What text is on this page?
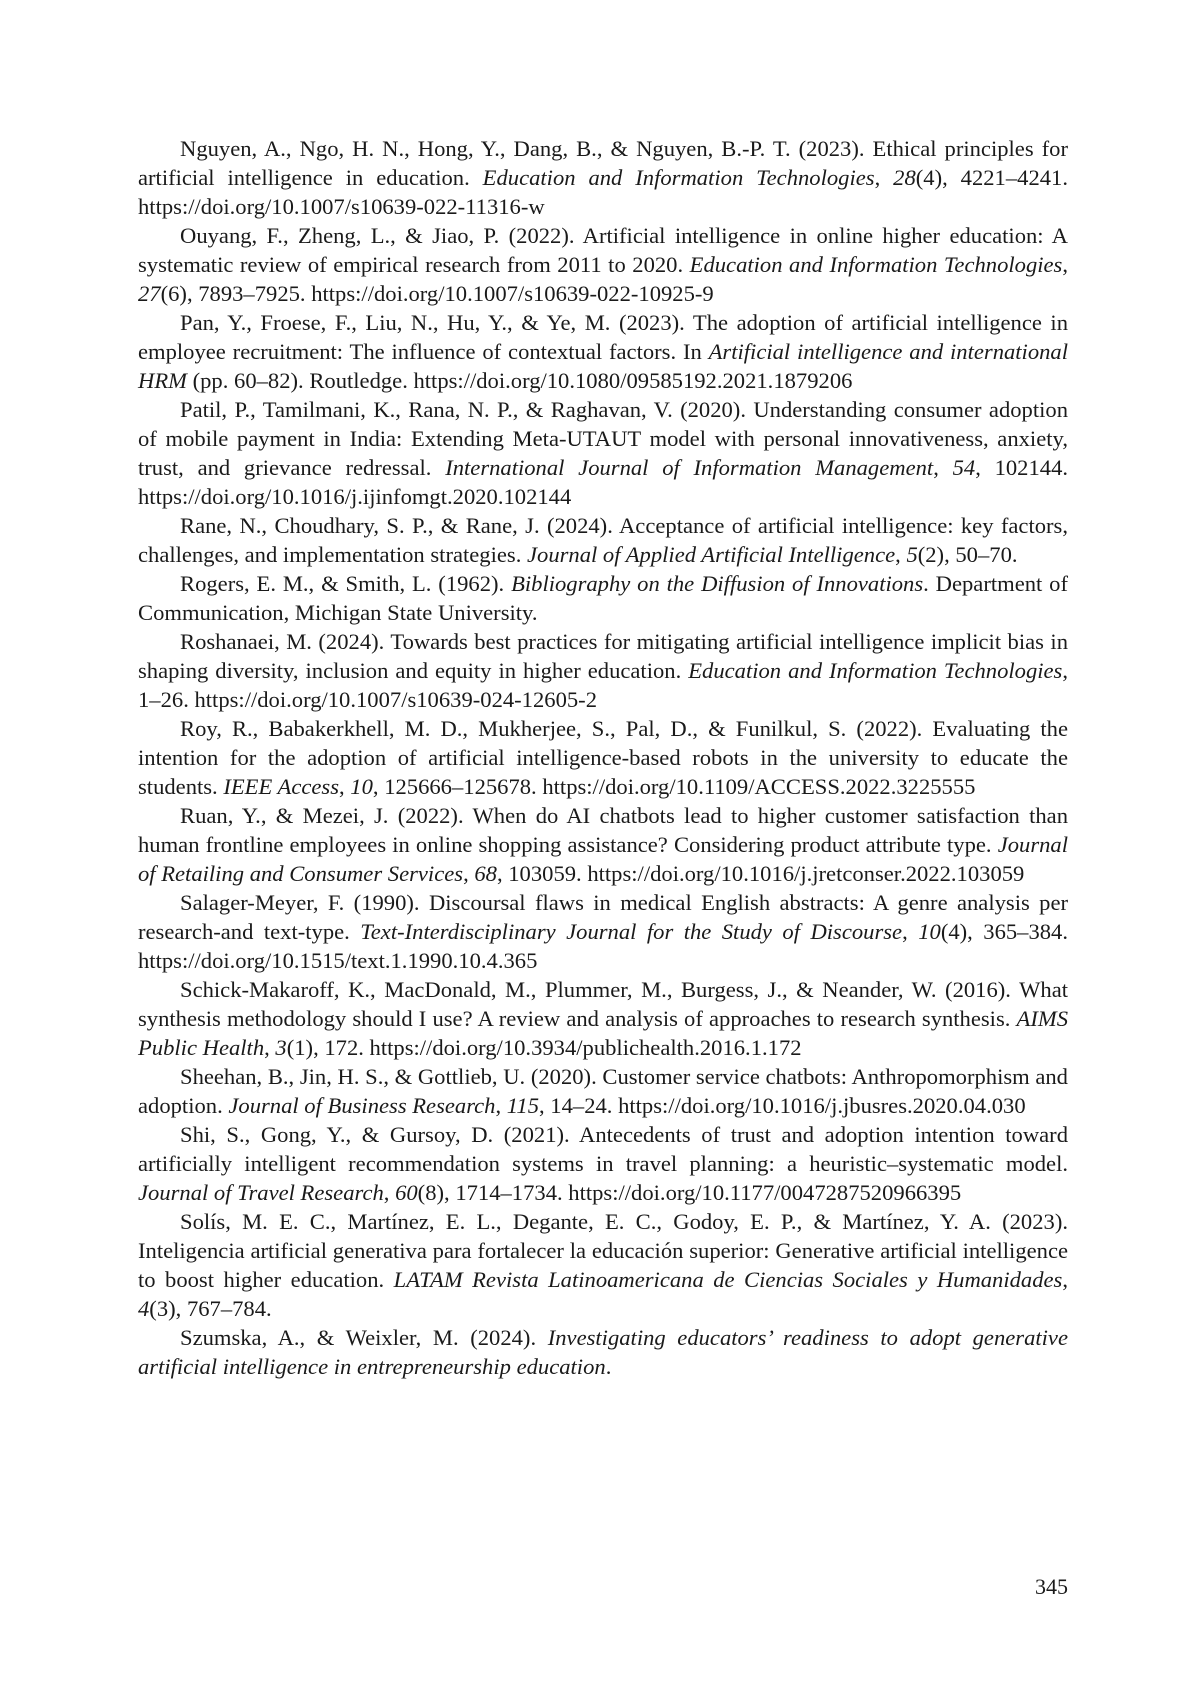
Nguyen, A., Ngo, H. N., Hong, Y., Dang, B., & Nguyen, B.-P. T. (2023). Ethical principles for artificial intelligence in education. Education and Information Technologies, 28(4), 4221–4241. https://doi.org/10.1007/s10639-022-11316-w

Ouyang, F., Zheng, L., & Jiao, P. (2022). Artificial intelligence in online higher education: A systematic review of empirical research from 2011 to 2020. Education and Information Technologies, 27(6), 7893–7925. https://doi.org/10.1007/s10639-022-10925-9

Pan, Y., Froese, F., Liu, N., Hu, Y., & Ye, M. (2023). The adoption of artificial intelligence in employee recruitment: The influence of contextual factors. In Artificial intelligence and international HRM (pp. 60–82). Routledge. https://doi.org/10.1080/09585192.2021.1879206

Patil, P., Tamilmani, K., Rana, N. P., & Raghavan, V. (2020). Understanding consumer adoption of mobile payment in India: Extending Meta-UTAUT model with personal innovativeness, anxiety, trust, and grievance redressal. International Journal of Information Management, 54, 102144. https://doi.org/10.1016/j.ijinfomgt.2020.102144

Rane, N., Choudhary, S. P., & Rane, J. (2024). Acceptance of artificial intelligence: key factors, challenges, and implementation strategies. Journal of Applied Artificial Intelligence, 5(2), 50–70.

Rogers, E. M., & Smith, L. (1962). Bibliography on the Diffusion of Innovations. Department of Communication, Michigan State University.

Roshanaei, M. (2024). Towards best practices for mitigating artificial intelligence implicit bias in shaping diversity, inclusion and equity in higher education. Education and Information Technologies, 1–26. https://doi.org/10.1007/s10639-024-12605-2

Roy, R., Babakerkhell, M. D., Mukherjee, S., Pal, D., & Funilkul, S. (2022). Evaluating the intention for the adoption of artificial intelligence-based robots in the university to educate the students. IEEE Access, 10, 125666–125678. https://doi.org/10.1109/ACCESS.2022.3225555

Ruan, Y., & Mezei, J. (2022). When do AI chatbots lead to higher customer satisfaction than human frontline employees in online shopping assistance? Considering product attribute type. Journal of Retailing and Consumer Services, 68, 103059. https://doi.org/10.1016/j.jretconser.2022.103059

Salager-Meyer, F. (1990). Discoursal flaws in medical English abstracts: A genre analysis per research-and text-type. Text-Interdisciplinary Journal for the Study of Discourse, 10(4), 365–384. https://doi.org/10.1515/text.1.1990.10.4.365

Schick-Makaroff, K., MacDonald, M., Plummer, M., Burgess, J., & Neander, W. (2016). What synthesis methodology should I use? A review and analysis of approaches to research synthesis. AIMS Public Health, 3(1), 172. https://doi.org/10.3934/publichealth.2016.1.172

Sheehan, B., Jin, H. S., & Gottlieb, U. (2020). Customer service chatbots: Anthropomorphism and adoption. Journal of Business Research, 115, 14–24. https://doi.org/10.1016/j.jbusres.2020.04.030

Shi, S., Gong, Y., & Gursoy, D. (2021). Antecedents of trust and adoption intention toward artificially intelligent recommendation systems in travel planning: a heuristic–systematic model. Journal of Travel Research, 60(8), 1714–1734. https://doi.org/10.1177/0047287520966395

Solís, M. E. C., Martínez, E. L., Degante, E. C., Godoy, E. P., & Martínez, Y. A. (2023). Inteligencia artificial generativa para fortalecer la educación superior: Generative artificial intelligence to boost higher education. LATAM Revista Latinoamericana de Ciencias Sociales y Humanidades, 4(3), 767–784.

Szumska, A., & Weixler, M. (2024). Investigating educators’ readiness to adopt generative artificial intelligence in entrepreneurship education.

345
